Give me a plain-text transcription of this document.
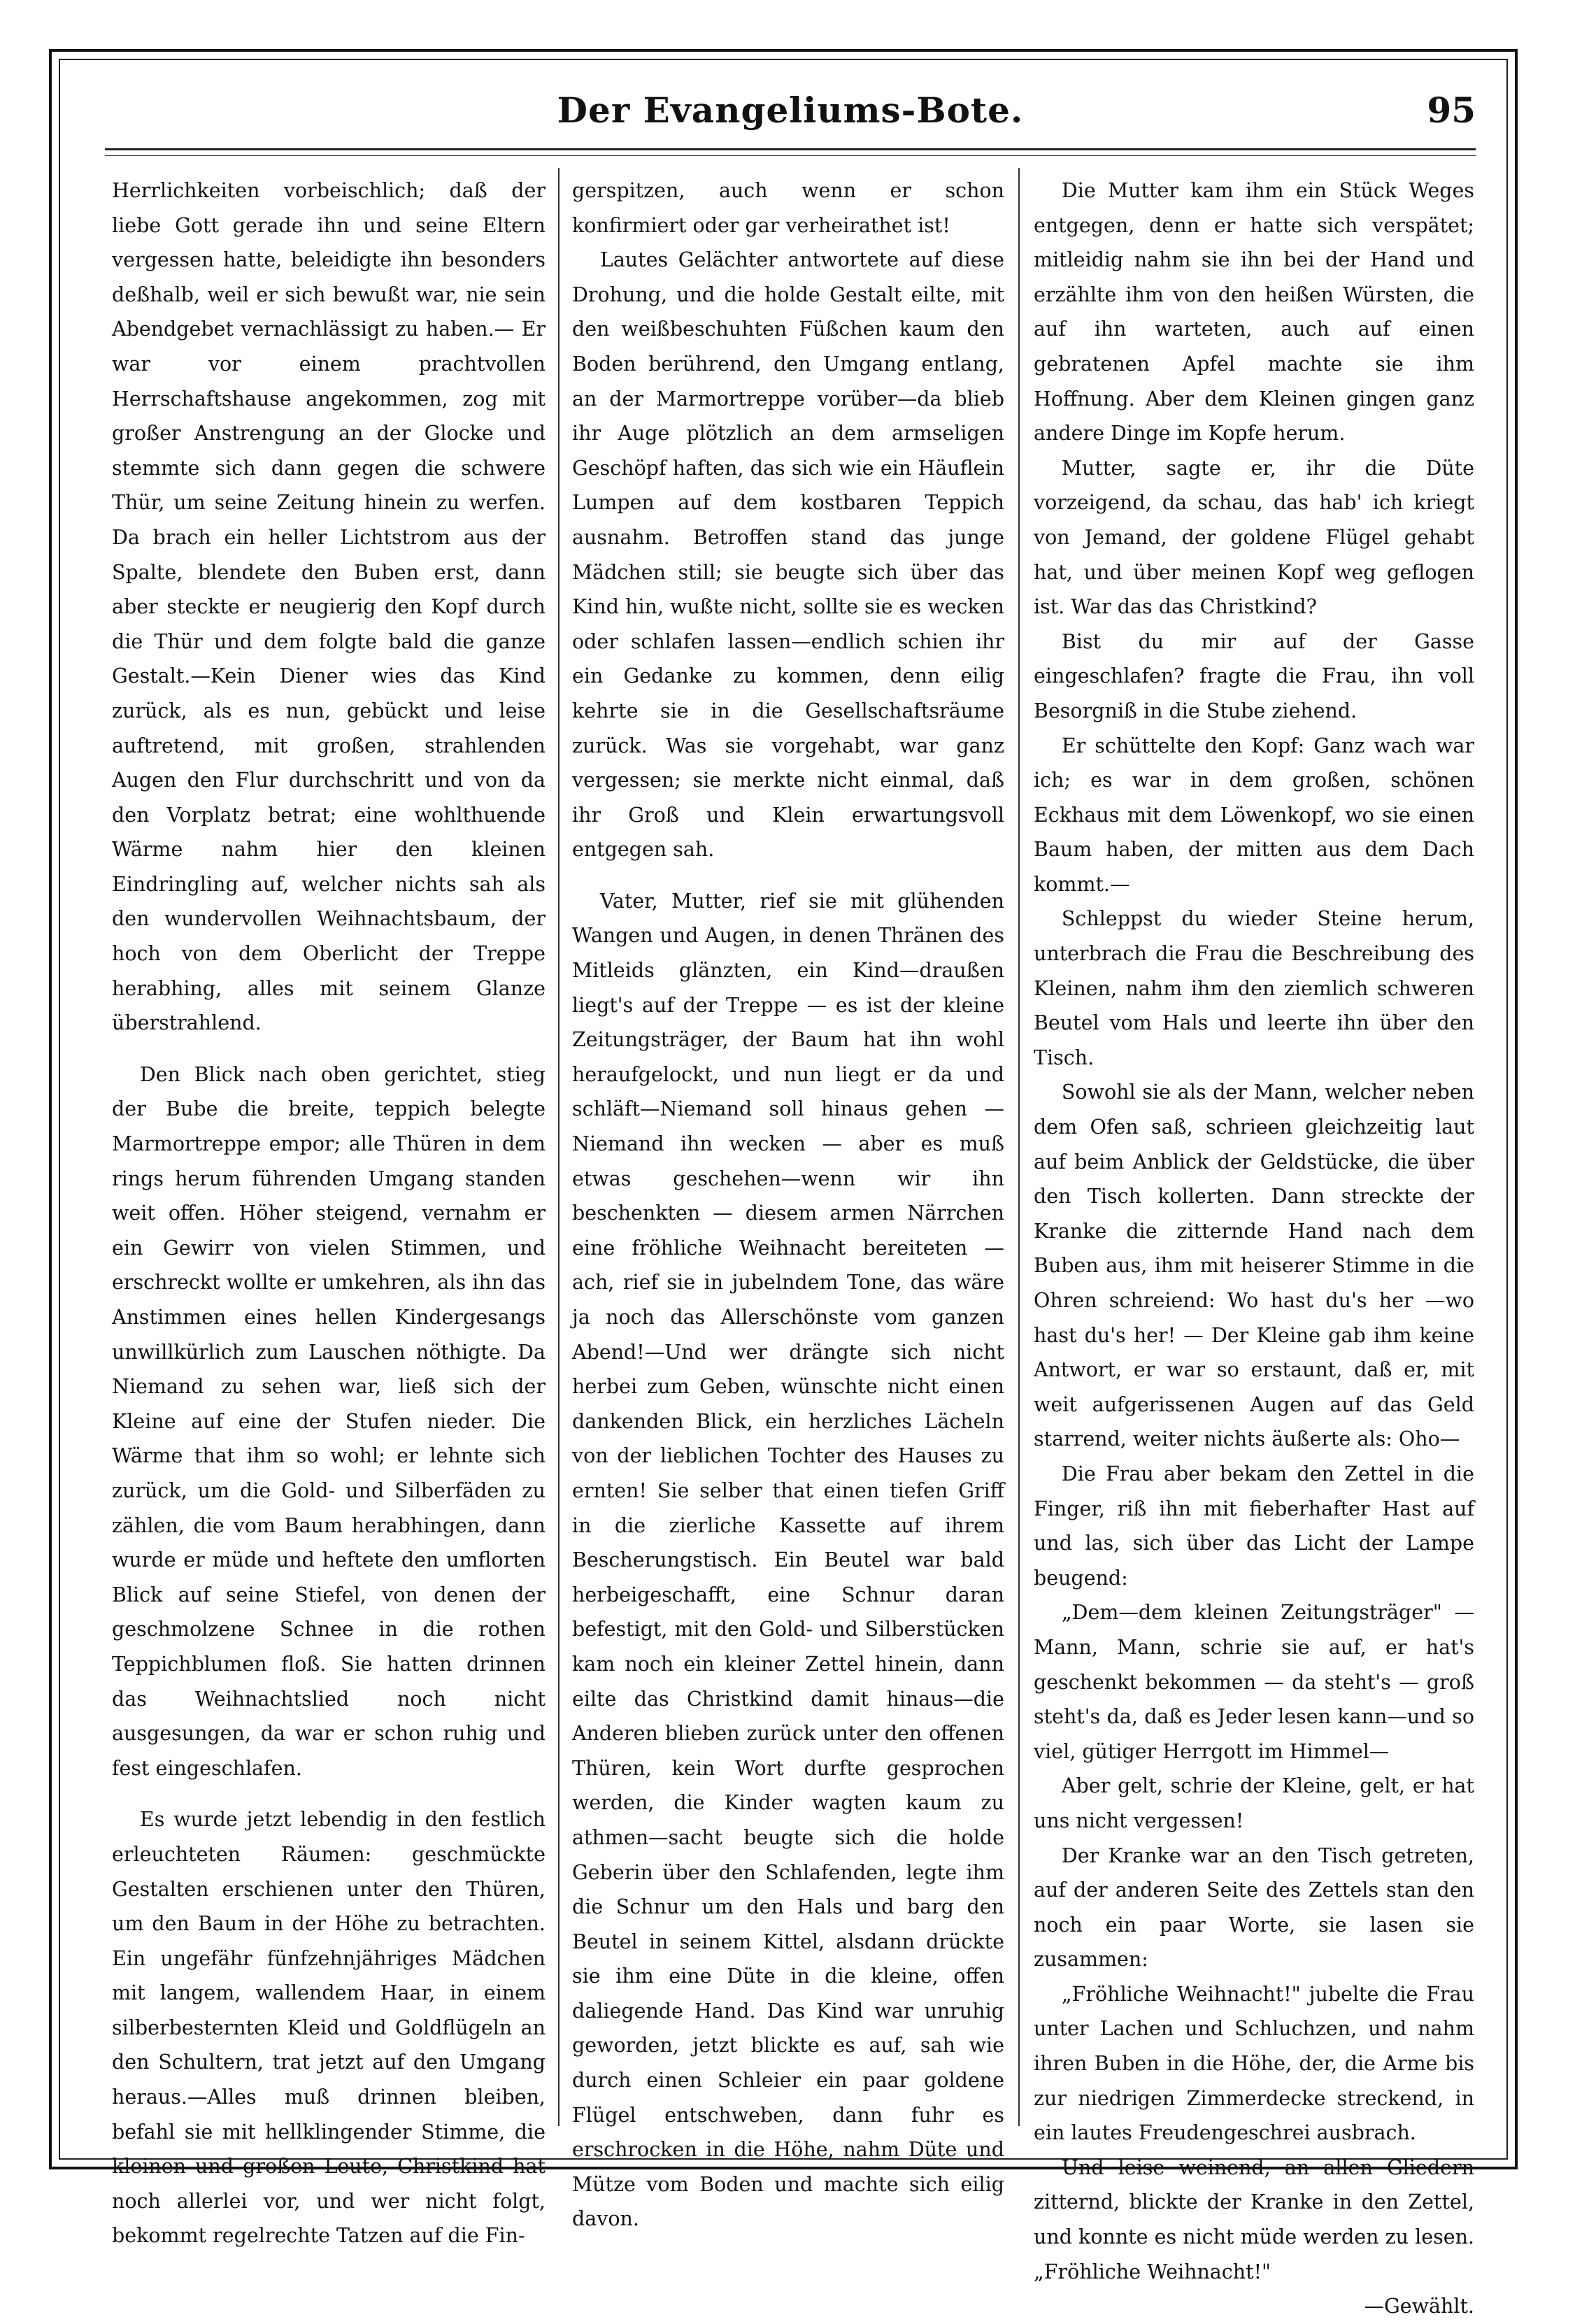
Der Evangeliums-Bote.	95

Herrlichkeiten vorbeischlich; daß der liebe Gott gerade ihn und seine Eltern vergessen hatte, beleidigte ihn besonders deßhalb, weil er sich bewußt war, nie sein Abendgebet vernachlässigt zu haben.— Er war vor einem prachtvollen Herrschaftshause angekommen, zog mit großer Anstrengung an der Glocke und stemmte sich dann gegen die schwere Thür, um seine Zeitung hinein zu werfen. Da brach ein heller Lichtstrom aus der Spalte, blendete den Buben erst, dann aber steckte er neugierig den Kopf durch die Thür und dem folgte bald die ganze Gestalt.—Kein Diener wies das Kind zurück, als es nun, gebückt und leise auftretend, mit großen, strahlenden Augen den Flur durchschritt und von da den Vorplatz betrat; eine wohlthuende Wärme nahm hier den kleinen Eindringling auf, welcher nichts sah als den wundervollen Weihnachtsbaum, der hoch von dem Oberlicht der Treppe herabhing, alles mit seinem Glanze überstrahlend.

Den Blick nach oben gerichtet, stieg der Bube die breite, teppich belegte Marmortreppe empor; alle Thüren in dem rings herum führenden Umgang standen weit offen. Höher steigend, vernahm er ein Gewirr von vielen Stimmen, und erschreckt wollte er umkehren, als ihn das Anstimmen eines hellen Kindergesangs unwillkürlich zum Lauschen nöthigte. Da Niemand zu sehen war, ließ sich der Kleine auf eine der Stufen nieder. Die Wärme that ihm so wohl; er lehnte sich zurück, um die Gold- und Silberfäden zu zählen, die vom Baum herabhingen, dann wurde er müde und heftete den umflorten Blick auf seine Stiefel, von denen der geschmolzene Schnee in die rothen Teppichblumen floß. Sie hatten drinnen das Weihnachtslied noch nicht ausgesungen, da war er schon ruhig und fest eingeschlafen.

Es wurde jetzt lebendig in den festlich erleuchteten Räumen: geschmückte Gestalten erschienen unter den Thüren, um den Baum in der Höhe zu betrachten. Ein ungefähr fünfzehnjähriges Mädchen mit langem, wallendem Haar, in einem silberbesternten Kleid und Goldflügeln an den Schultern, trat jetzt auf den Umgang heraus.—Alles muß drinnen bleiben, befahl sie mit hellklingender Stimme, die kleinen und großen Leute, Christkind hat noch allerlei vor, und wer nicht folgt, bekommt regelrechte Tatzen auf die Fin-

gerspitzen, auch wenn er schon konfirmiert oder gar verheirathet ist!

Lautes Gelächter antwortete auf diese Drohung, und die holde Gestalt eilte, mit den weißbeschuhten Füßchen kaum den Boden berührend, den Umgang entlang, an der Marmortreppe vorüber—da blieb ihr Auge plötzlich an dem armseligen Geschöpf haften, das sich wie ein Häuflein Lumpen auf dem kostbaren Teppich ausnahm. Betroffen stand das junge Mädchen still; sie beugte sich über das Kind hin, wußte nicht, sollte sie es wecken oder schlafen lassen—endlich schien ihr ein Gedanke zu kommen, denn eilig kehrte sie in die Gesellschaftsräume zurück. Was sie vorgehabt, war ganz vergessen; sie merkte nicht einmal, daß ihr Groß und Klein erwartungsvoll entgegen sah.

Vater, Mutter, rief sie mit glühenden Wangen und Augen, in denen Thränen des Mitleids glänzten, ein Kind—draußen liegt's auf der Treppe — es ist der kleine Zeitungsträger, der Baum hat ihn wohl heraufgelockt, und nun liegt er da und schläft—Niemand soll hinaus gehen — Niemand ihn wecken — aber es muß etwas geschehen—wenn wir ihn beschenkten — diesem armen Närrchen eine fröhliche Weihnacht bereiteten — ach, rief sie in jubelndem Tone, das wäre ja noch das Allerschönste vom ganzen Abend!—Und wer drängte sich nicht herbei zum Geben, wünschte nicht einen dankenden Blick, ein herzliches Lächeln von der lieblichen Tochter des Hauses zu ernten! Sie selber that einen tiefen Griff in die zierliche Kassette auf ihrem Bescherungstisch. Ein Beutel war bald herbeigeschafft, eine Schnur daran befestigt, mit den Gold- und Silberstücken kam noch ein kleiner Zettel hinein, dann eilte das Christkind damit hinaus—die Anderen blieben zurück unter den offenen Thüren, kein Wort durfte gesprochen werden, die Kinder wagten kaum zu athmen—sacht beugte sich die holde Geberin über den Schlafenden, legte ihm die Schnur um den Hals und barg den Beutel in seinem Kittel, alsdann drückte sie ihm eine Düte in die kleine, offen daliegende Hand. Das Kind war unruhig geworden, jetzt blickte es auf, sah wie durch einen Schleier ein paar goldene Flügel entschweben, dann fuhr es erschrocken in die Höhe, nahm Düte und Mütze vom Boden und machte sich eilig davon.

Die Mutter kam ihm ein Stück Weges entgegen, denn er hatte sich verspätet; mitleidig nahm sie ihn bei der Hand und erzählte ihm von den heißen Würsten, die auf ihn warteten, auch auf einen gebratenen Apfel machte sie ihm Hoffnung. Aber dem Kleinen gingen ganz andere Dinge im Kopfe herum.

Mutter, sagte er, ihr die Düte vorzeigend, da schau, das hab' ich kriegt von Jemand, der goldene Flügel gehabt hat, und über meinen Kopf weg geflogen ist. War das das Christkind?

Bist du mir auf der Gasse eingeschlafen? fragte die Frau, ihn voll Besorgniß in die Stube ziehend.

Er schüttelte den Kopf: Ganz wach war ich; es war in dem großen, schönen Eckhaus mit dem Löwenkopf, wo sie einen Baum haben, der mitten aus dem Dach kommt.—

Schleppst du wieder Steine herum, unterbrach die Frau die Beschreibung des Kleinen, nahm ihm den ziemlich schweren Beutel vom Hals und leerte ihn über den Tisch.

Sowohl sie als der Mann, welcher neben dem Ofen saß, schrieen gleichzeitig laut auf beim Anblick der Geldstücke, die über den Tisch kollerten. Dann streckte der Kranke die zitternde Hand nach dem Buben aus, ihm mit heiserer Stimme in die Ohren schreiend: Wo hast du's her —wo hast du's her! — Der Kleine gab ihm keine Antwort, er war so erstaunt, daß er, mit weit aufgerissenen Augen auf das Geld starrend, weiter nichts äußerte als: Oho—

Die Frau aber bekam den Zettel in die Finger, riß ihn mit fieberhafter Hast auf und las, sich über das Licht der Lampe beugend:

„Dem—dem kleinen Zeitungsträger" —Mann, Mann, schrie sie auf, er hat's geschenkt bekommen — da steht's — groß steht's da, daß es Jeder lesen kann—und so viel, gütiger Herrgott im Himmel—

Aber gelt, schrie der Kleine, gelt, er hat uns nicht vergessen!

Der Kranke war an den Tisch getreten, auf der anderen Seite des Zettels stan den noch ein paar Worte, sie lasen sie zusammen:

„Fröhliche Weihnacht!" jubelte die Frau unter Lachen und Schluchzen, und nahm ihren Buben in die Höhe, der, die Arme bis zur niedrigen Zimmerdecke streckend, in ein lautes Freudengeschrei ausbrach.

Und leise weinend, an allen Gliedern zitternd, blickte der Kranke in den Zettel, und konnte es nicht müde werden zu lesen. „Fröhliche Weihnacht!"

—Gewählt.
